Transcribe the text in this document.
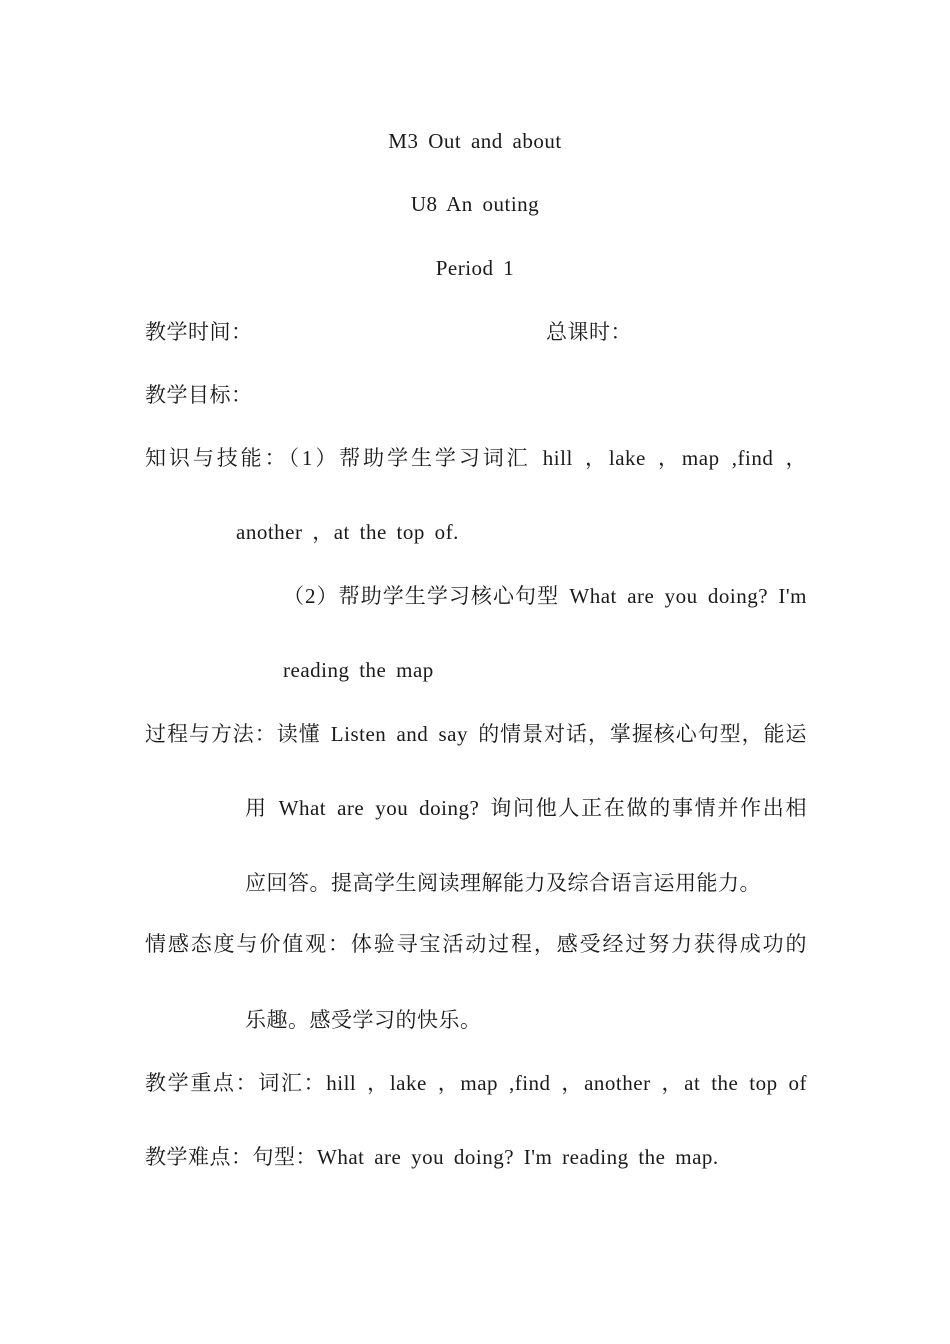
M3 Out and about
U8 An outing
Period 1
教学时间：	总课时：
教学目标：
知识与技能：（1）帮助学生学习词汇 hill ，lake ，map ,find ，
another ，at the top of.
（2）帮助学生学习核心句型 What are you doing? I'm
reading the map
过程与方法：读懂 Listen and say 的情景对话，掌握核心句型，能运
用 What are you doing? 询问他人正在做的事情并作出相
应回答。提高学生阅读理解能力及综合语言运用能力。
情感态度与价值观：体验寻宝活动过程，感受经过努力获得成功的
乐趣。感受学习的快乐。
教学重点：词汇：hill ，lake ，map ,find ，another ，at the top of
教学难点：句型：What are you doing? I'm reading the map.
